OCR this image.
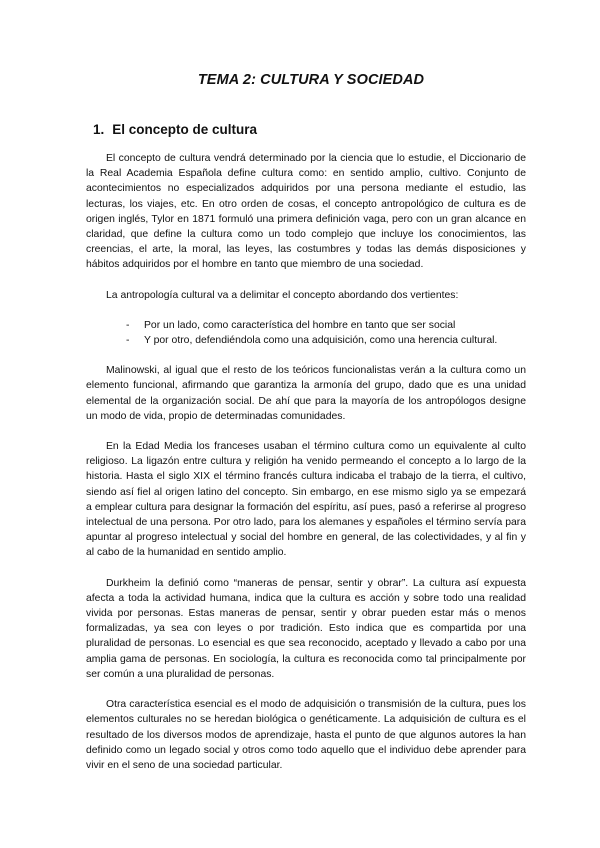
TEMA 2: CULTURA Y SOCIEDAD
1. El concepto de cultura

El concepto de cultura vendrá determinado por la ciencia que lo estudie, el Diccionario de la Real Academia Española define cultura como: en sentido amplio, cultivo. Conjunto de acontecimientos no especializados adquiridos por una persona mediante el estudio, las lecturas, los viajes, etc. En otro orden de cosas, el concepto antropológico de cultura es de origen inglés, Tylor en 1871 formuló una primera definición vaga, pero con un gran alcance en claridad, que define la cultura como un todo complejo que incluye los conocimientos, las creencias, el arte, la moral, las leyes, las costumbres y todas las demás disposiciones y hábitos adquiridos por el hombre en tanto que miembro de una sociedad.

La antropología cultural va a delimitar el concepto abordando dos vertientes:

- Por un lado, como característica del hombre en tanto que ser social
- Y por otro, defendiéndola como una adquisición, como una herencia cultural.

Malinowski, al igual que el resto de los teóricos funcionalistas verán a la cultura como un elemento funcional, afirmando que garantiza la armonía del grupo, dado que es una unidad elemental de la organización social. De ahí que para la mayoría de los antropólogos designe un modo de vida, propio de determinadas comunidades.

En la Edad Media los franceses usaban el término cultura como un equivalente al culto religioso. La ligazón entre cultura y religión ha venido permeando el concepto a lo largo de la historia. Hasta el siglo XIX el término francés cultura indicaba el trabajo de la tierra, el cultivo, siendo así fiel al origen latino del concepto. Sin embargo, en ese mismo siglo ya se empezará a emplear cultura para designar la formación del espíritu, así pues, pasó a referirse al progreso intelectual de una persona. Por otro lado, para los alemanes y españoles el término servía para apuntar al progreso intelectual y social del hombre en general, de las colectividades, y al fin y al cabo de la humanidad en sentido amplio.

Durkheim la definió como “maneras de pensar, sentir y obrar”. La cultura así expuesta afecta a toda la actividad humana, indica que la cultura es acción y sobre todo una realidad vivida por personas. Estas maneras de pensar, sentir y obrar pueden estar más o menos formalizadas, ya sea con leyes o por tradición. Esto indica que es compartida por una pluralidad de personas. Lo esencial es que sea reconocido, aceptado y llevado a cabo por una amplia gama de personas. En sociología, la cultura es reconocida como tal principalmente por ser común a una pluralidad de personas.

Otra característica esencial es el modo de adquisición o transmisión de la cultura, pues los elementos culturales no se heredan biológica o genéticamente. La adquisición de cultura es el resultado de los diversos modos de aprendizaje, hasta el punto de que algunos autores la han definido como un legado social y otros como todo aquello que el individuo debe aprender para vivir en el seno de una sociedad particular.
